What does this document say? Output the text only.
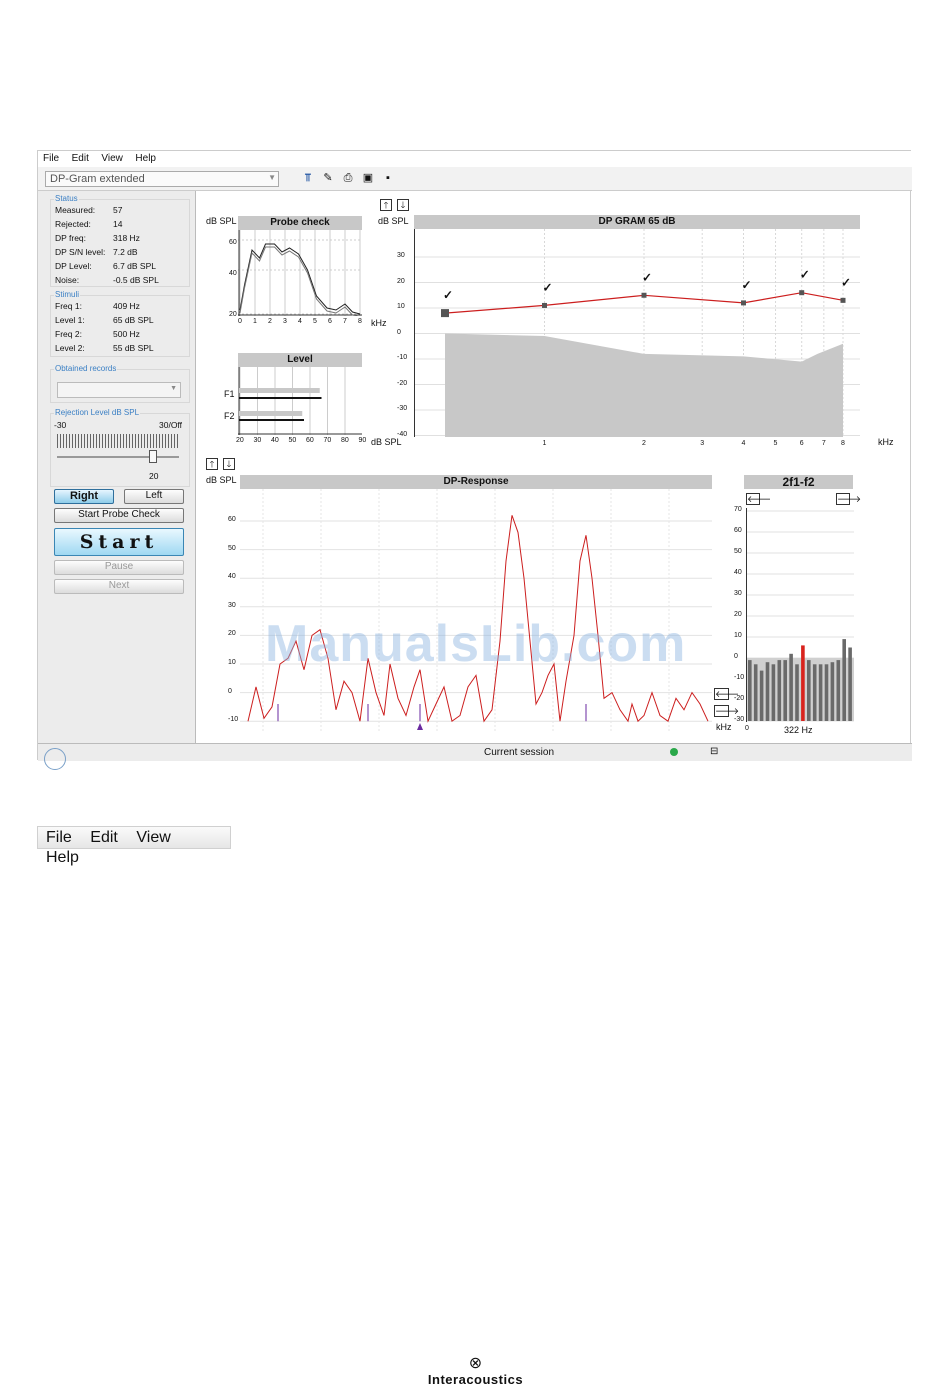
File Edit View Help
DP-Gram extended	▼	⫪	✎ ⎙ ▣	▪
Status
Measured: 57
Rejected:	14
DP freq:	318 Hz
DP S/N level: 7.2 dB
DP Level:	6.7 dB SPL
Noise:	-0.5 dB SPL
Stimuli
Freq 1:	409 Hz
Level 1:	65 dB SPL
Freq 2:	500 Hz
Level 2:	55 dB SPL
Obtained records
▼
Rejection Level dB SPL
-30	30/Off
20
Right	Left
Start Probe Check
Start
Pause
Next
Current session	⊟
dB SPL	Probe check
60
40
20
kHz
Level
F1
F2
dB SPL
🡑	🡓
dB SPL	DP GRAM 65 dB
✓
✓
✓
✓
✓
✓
kHz
🡑	🡓
dB SPL	DP-Response
🡐
🡒
kHz
2f1-f2
🡐	🡒
0	322 Hz
ManualsLib.com
File Edit View Help
⊗
Interacoustics
0 1 2 3 4 5 6 7 8
20 30 40 50 60 70 80 90
30
20
10
0
-10
-20
-30
-40
1	2	3	4	5	6	7 8
60
50
40
30
20
10
0
-10
70
60
50
40
30
20
10
0
-10
-20
-30
